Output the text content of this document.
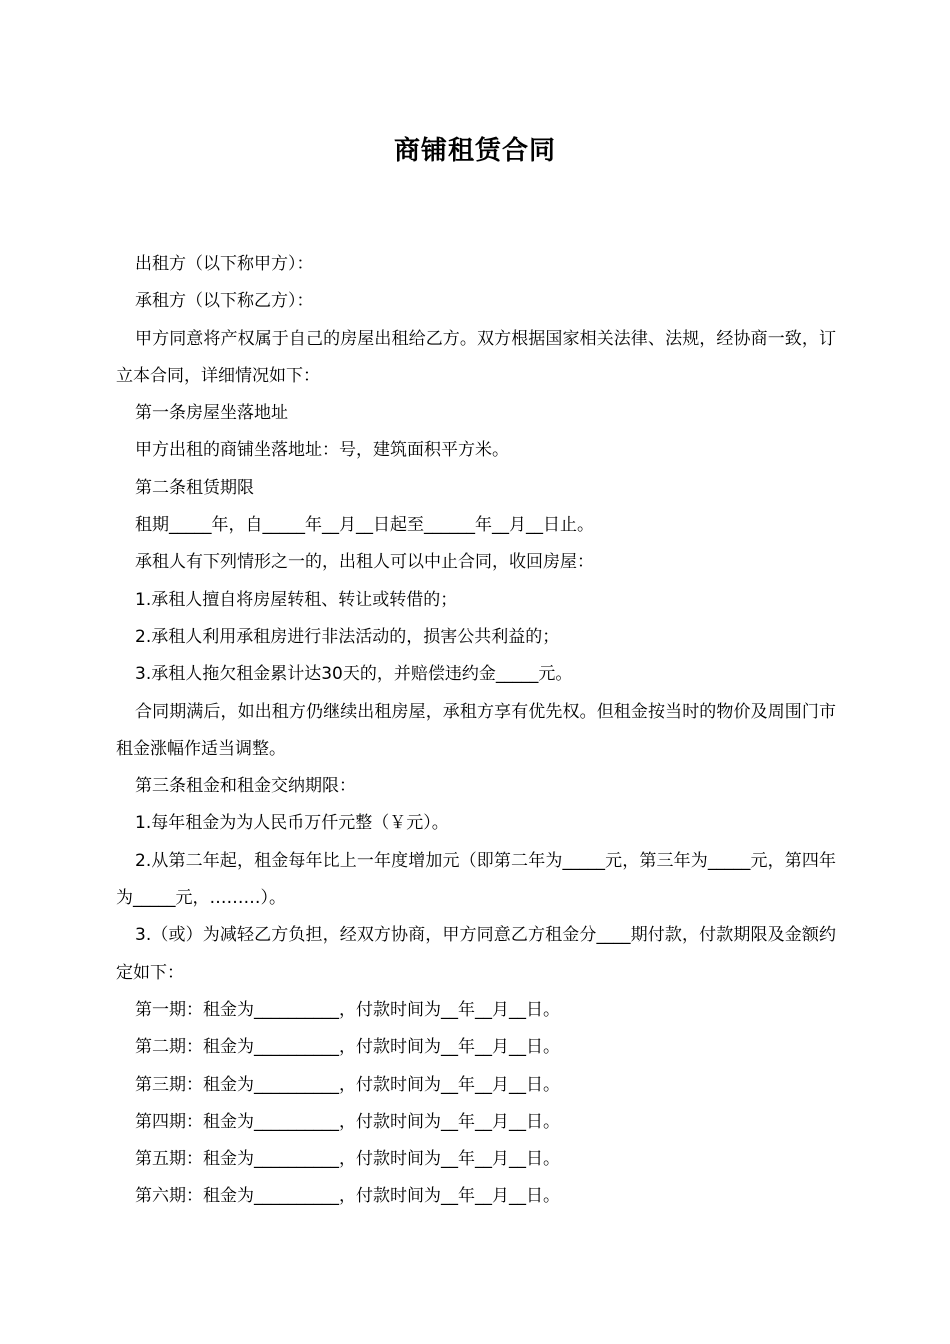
商铺租赁合同

出租方（以下称甲方）：

承租方（以下称乙方）：

甲方同意将产权属于自己的房屋出租给乙方。双方根据国家相关法律、法规，经协商一致，订立本合同，详细情况如下：

第一条房屋坐落地址

甲方出租的商铺坐落地址：号，建筑面积平方米。

第二条租赁期限

租期_____年，自_____年__月__日起至______年__月__日止。

承租人有下列情形之一的，出租人可以中止合同，收回房屋：

1.承租人擅自将房屋转租、转让或转借的；

2.承租人利用承租房进行非法活动的，损害公共利益的；

3.承租人拖欠租金累计达30天的，并赔偿违约金_____元。

合同期满后，如出租方仍继续出租房屋，承租方享有优先权。但租金按当时的物价及周围门市租金涨幅作适当调整。

第三条租金和租金交纳期限：

1.每年租金为为人民币万仟元整（￥元）。

2.从第二年起，租金每年比上一年度增加元（即第二年为_____元，第三年为_____元，第四年为_____元，………）。

3.（或）为减轻乙方负担，经双方协商，甲方同意乙方租金分____期付款，付款期限及金额约定如下：

第一期：租金为__________，付款时间为__年__月__日。

第二期：租金为__________，付款时间为__年__月__日。

第三期：租金为__________，付款时间为__年__月__日。

第四期：租金为__________，付款时间为__年__月__日。

第五期：租金为__________，付款时间为__年__月__日。

第六期：租金为__________，付款时间为__年__月__日。
